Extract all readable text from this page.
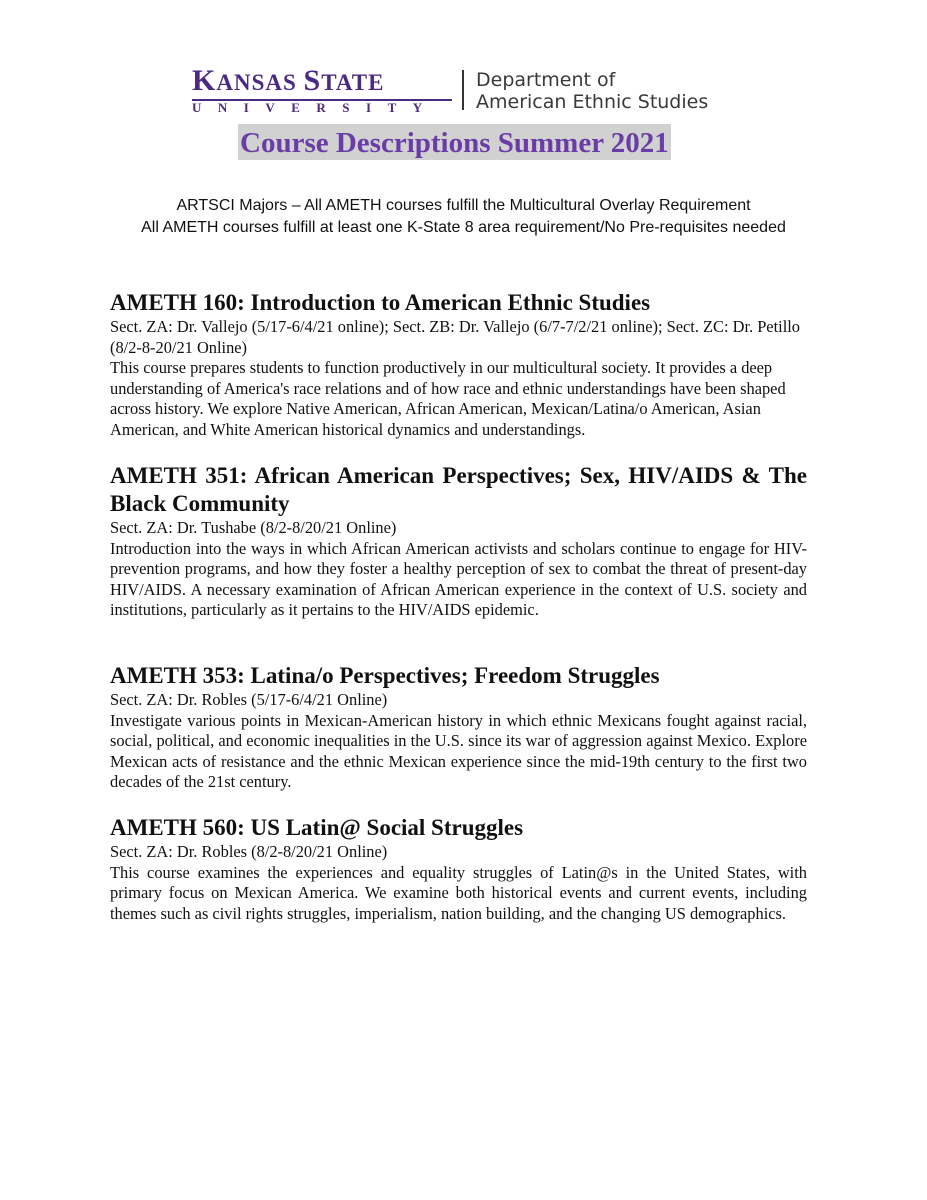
KANSAS STATE
UNIVERSITY
Department of
American Ethnic Studies
Course Descriptions Summer 2021
ARTSCI Majors – All AMETH courses fulfill the Multicultural Overlay Requirement
All AMETH courses fulfill at least one K-State 8 area requirement/No Pre-requisites needed
AMETH 160: Introduction to American Ethnic Studies

Sect. ZA: Dr. Vallejo (5/17-6/4/21 online); Sect. ZB: Dr. Vallejo (6/7-7/2/21 online); Sect. ZC: Dr. Petillo (8/2-8-20/21 Online)

This course prepares students to function productively in our multicultural society. It provides a deep understanding of America's race relations and of how race and ethnic understandings have been shaped across history. We explore Native American, African American, Mexican/Latina/o American, Asian American, and White American historical dynamics and understandings.

AMETH 351: African American Perspectives; Sex, HIV/AIDS & The Black Community

Sect. ZA: Dr. Tushabe (8/2-8/20/21 Online)

Introduction into the ways in which African American activists and scholars continue to engage for HIV-prevention programs, and how they foster a healthy perception of sex to combat the threat of present-day HIV/AIDS. A necessary examination of African American experience in the context of U.S. society and institutions, particularly as it pertains to the HIV/AIDS epidemic.

AMETH 353: Latina/o Perspectives; Freedom Struggles

Sect. ZA: Dr. Robles (5/17-6/4/21 Online)

Investigate various points in Mexican-American history in which ethnic Mexicans fought against racial, social, political, and economic inequalities in the U.S. since its war of aggression against Mexico. Explore Mexican acts of resistance and the ethnic Mexican experience since the mid-19th century to the first two decades of the 21st century.

AMETH 560: US Latin@ Social Struggles

Sect. ZA: Dr. Robles (8/2-8/20/21 Online)

This course examines the experiences and equality struggles of Latin@s in the United States, with primary focus on Mexican America. We examine both historical events and current events, including themes such as civil rights struggles, imperialism, nation building, and the changing US demographics.
